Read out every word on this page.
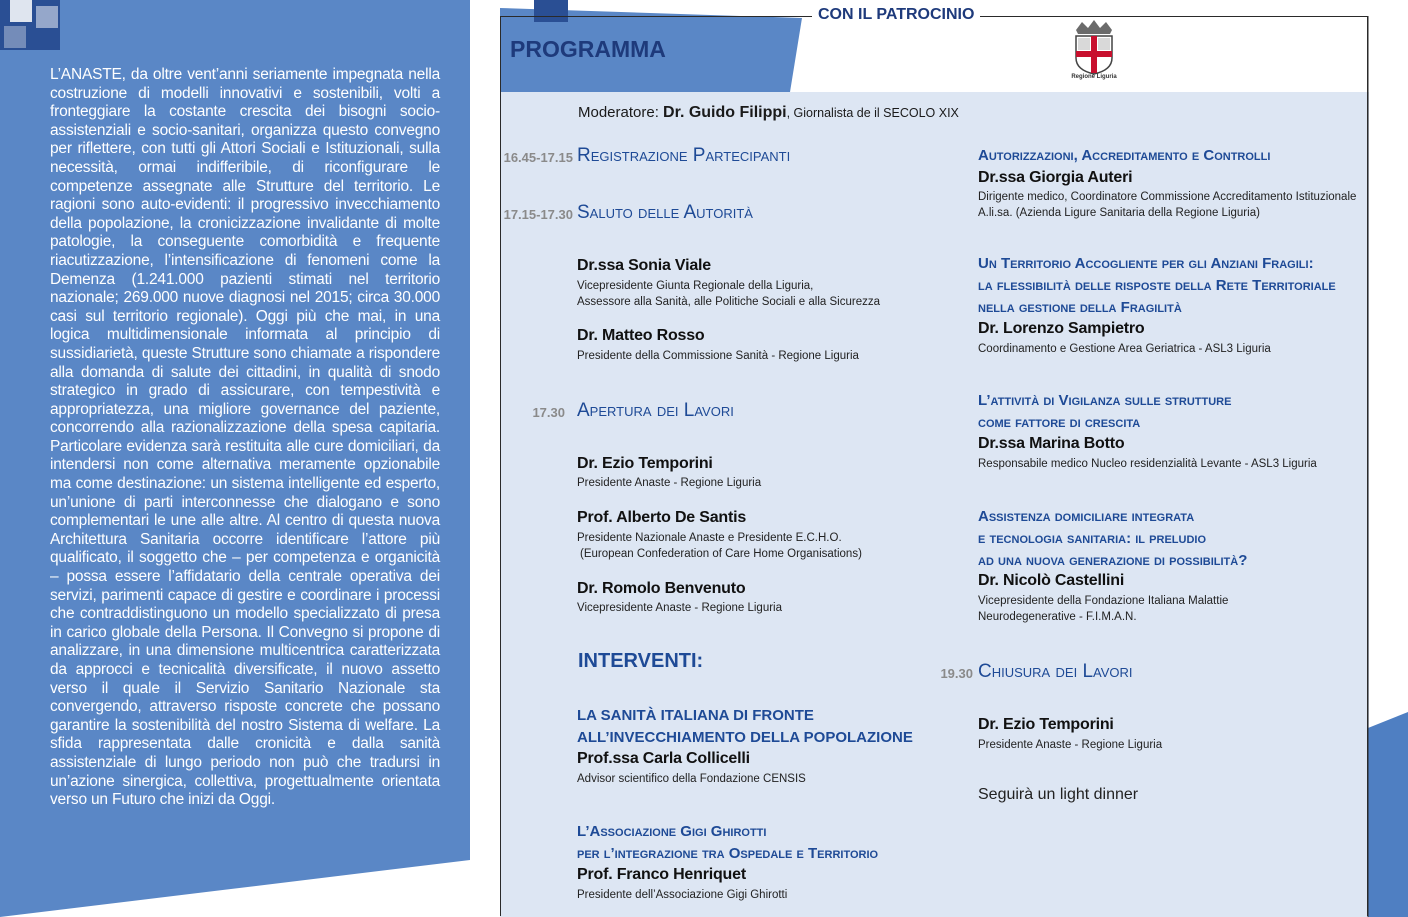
L’ANASTE, da oltre vent’anni seriamente impegnata nella costruzione di modelli innovativi e sostenibili, volti a fronteggiare la costante crescita dei bisogni socio-assistenziali e socio-sanitari, organizza questo convegno per riflettere, con tutti gli Attori Sociali e Istituzionali, sulla necessità, ormai indifferibile, di riconfigurare le competenze assegnate alle Strutture del territorio. Le ragioni sono auto-evidenti: il progressivo invecchiamento della popolazione, la cronicizzazione invalidante di molte patologie, la conseguente comorbidità e frequente riacutizzazione, l’intensificazione di fenomeni come la Demenza (1.241.000 pazienti stimati nel territorio nazionale; 269.000 nuove diagnosi nel 2015; circa 30.000 casi sul territorio regionale). Oggi più che mai, in una logica multidimensionale informata al principio di sussidiarietà, queste Strutture sono chiamate a rispondere alla domanda di salute dei cittadini, in qualità di snodo strategico in grado di assicurare, con tempestività e appropriatezza, una migliore governance del paziente, concorrendo alla razionalizzazione della spesa capitaria. Particolare evidenza sarà restituita alle cure domiciliari, da intendersi non come alternativa meramente opzionabile ma come destinazione: un sistema intelligente ed esperto, un’unione di parti interconnesse che dialogano e sono complementari le une alle altre. Al centro di questa nuova Architettura Sanitaria occorre identificare l’attore più qualificato, il soggetto che – per competenza e organicità – possa essere l’affidatario della centrale operativa dei servizi, parimenti capace di gestire e coordinare i processi che contraddistinguono un modello specializzato di presa in carico globale della Persona. Il Convegno si propone di analizzare, in una dimensione multicentrica caratterizzata da approcci e tecnicalità diversificate, il nuovo assetto verso il quale il Servizio Sanitario Nazionale sta convergendo, attraverso risposte concrete che possano garantire la sostenibilità del nostro Sistema di welfare. La sfida rappresentata dalle cronicità e dalla sanità assistenziale di lungo periodo non può che tradursi in un’azione sinergica, collettiva, progettualmente orientata verso un Futuro che inizi da Oggi.
CON IL PATROCINIO
PROGRAMMA
Regione Liguria
Moderatore: Dr. Guido Filippi, Giornalista de il SECOLO XIX
16.45-17.15 Registrazione Partecipanti
17.15-17.30 Saluto delle Autorità
Dr.ssa Sonia Viale
Vicepresidente Giunta Regionale della Liguria,
Assessore alla Sanità, alle Politiche Sociali e alla Sicurezza
Dr. Matteo Rosso
Presidente della Commissione Sanità - Regione Liguria
17.30 Apertura dei Lavori
Dr. Ezio Temporini
Presidente Anaste - Regione Liguria
Prof. Alberto De Santis
Presidente Nazionale Anaste e Presidente E.C.H.O.
(European Confederation of Care Home Organisations)
Dr. Romolo Benvenuto
Vicepresidente Anaste - Regione Liguria
INTERVENTI:
LA SANITÀ ITALIANA DI FRONTE
ALL’INVECCHIAMENTO DELLA POPOLAZIONE
Prof.ssa Carla Collicelli
Advisor scientifico della Fondazione CENSIS
L’Associazione Gigi Ghirotti
per l’integrazione tra Ospedale e Territorio
Prof. Franco Henriquet
Presidente dell’Associazione Gigi Ghirotti
Autorizzazioni, Accreditamento e Controlli
Dr.ssa Giorgia Auteri
Dirigente medico, Coordinatore Commissione Accreditamento Istituzionale
A.li.sa. (Azienda Ligure Sanitaria della Regione Liguria)
Un Territorio Accogliente per gli Anziani Fragili:
la flessibilità delle risposte della Rete Territoriale
nella gestione della Fragilità
Dr. Lorenzo Sampietro
Coordinamento e Gestione Area Geriatrica - ASL3 Liguria
L’attività di Vigilanza sulle strutture
come fattore di crescita
Dr.ssa Marina Botto
Responsabile medico Nucleo residenzialità Levante - ASL3 Liguria
Assistenza domiciliare integrata
e tecnologia sanitaria: il preludio
ad una nuova generazione di possibilità?
Dr. Nicolò Castellini
Vicepresidente della Fondazione Italiana Malattie
Neurodegenerative - F.I.M.A.N.
19.30 Chiusura dei Lavori
Dr. Ezio Temporini
Presidente Anaste - Regione Liguria
Seguirà un light dinner
